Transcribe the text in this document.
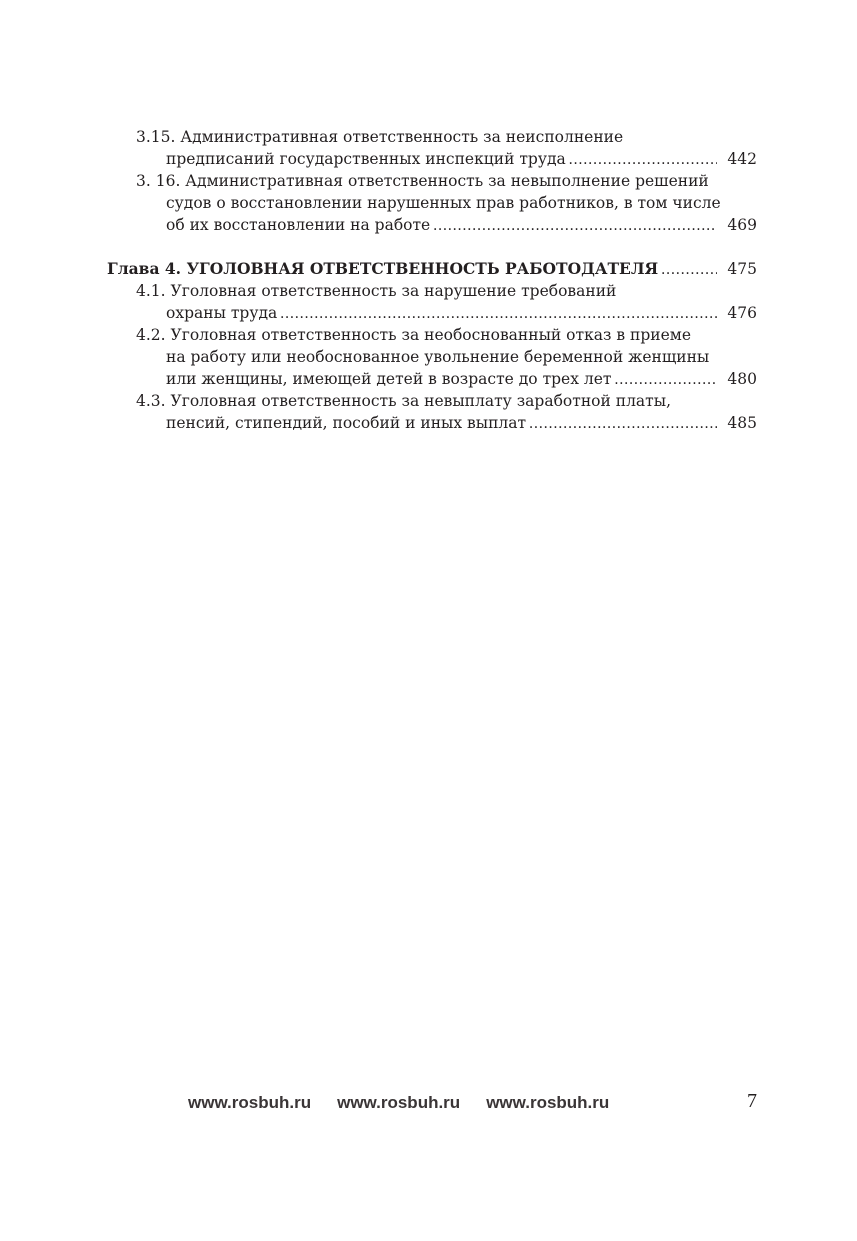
3.15. Административная ответственность за неисполнение
предписаний государственных инспекций труда .....	442
3. 16. Административная ответственность за невыполнение решений
судов о восстановлении нарушенных прав работников, в том числе
об их восстановлении на работе .....	469
Глава 4. УГОЛОВНАЯ ОТВЕТСТВЕННОСТЬ РАБОТОДАТЕЛЯ .....	475
4.1. Уголовная ответственность за нарушение требований
охраны труда .....	476
4.2. Уголовная ответственность за необоснованный отказ в приеме
на работу или необоснованное увольнение беременной женщины
или женщины, имеющей детей в возрасте до трех лет .....	480
4.3. Уголовная ответственность за невыплату заработной платы,
пенсий, стипендий, пособий и иных выплат .....	485
www.rosbuh.ru www.rosbuh.ru www.rosbuh.ru	7
